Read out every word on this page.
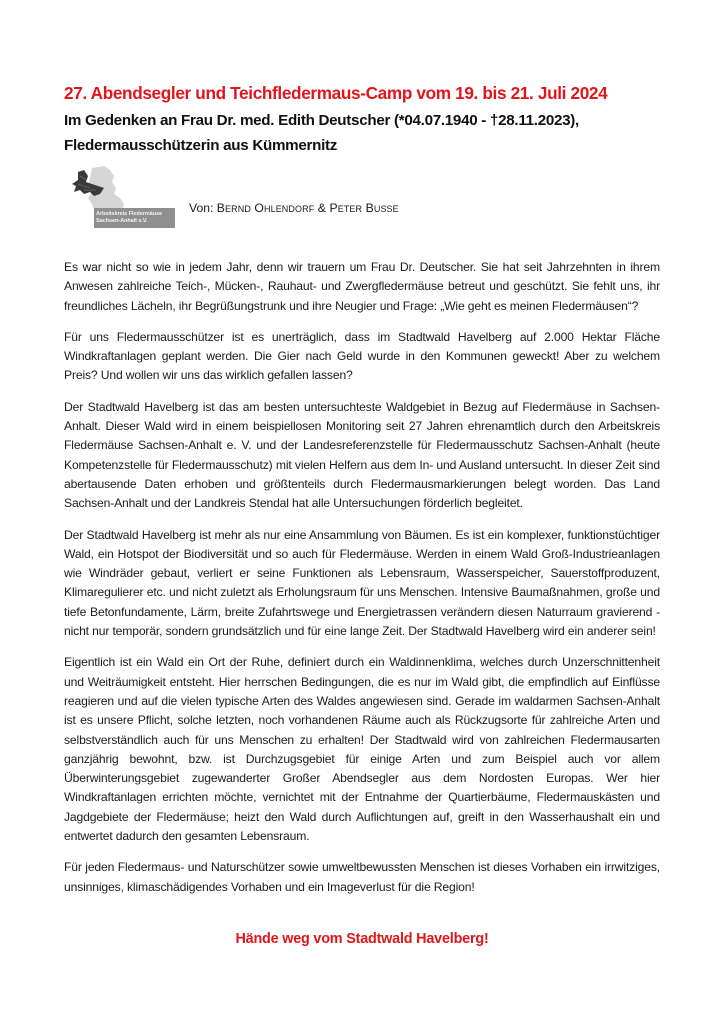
27. Abendsegler und Teichfledermaus-Camp vom 19. bis 21. Juli 2024
Im Gedenken an Frau Dr. med. Edith Deutscher (*04.07.1940 - †28.11.2023),
Fledermausschützerin aus Kümmernitz
Arbeitskreis Fledermäuse
Sachsen-Anhalt e.V.
Von: Bernd Ohlendorf & Peter Busse

Es war nicht so wie in jedem Jahr, denn wir trauern um Frau Dr. Deutscher. Sie hat seit Jahrzehnten in ihrem Anwesen zahlreiche Teich-, Mücken-, Rauhaut- und Zwergfledermäuse betreut und geschützt. Sie fehlt uns, ihr freundliches Lächeln, ihr Begrüßungstrunk und ihre Neugier und Frage: „Wie geht es meinen Fledermäusen“?

Für uns Fledermausschützer ist es unerträglich, dass im Stadtwald Havelberg auf 2.000 Hektar Fläche Windkraftanlagen geplant werden. Die Gier nach Geld wurde in den Kommunen geweckt! Aber zu welchem Preis? Und wollen wir uns das wirklich gefallen lassen?

Der Stadtwald Havelberg ist das am besten untersuchteste Waldgebiet in Bezug auf Fledermäuse in Sachsen-Anhalt. Dieser Wald wird in einem beispiellosen Monitoring seit 27 Jahren ehrenamtlich durch den Arbeitskreis Fledermäuse Sachsen-Anhalt e. V. und der Landesreferenzstelle für Fledermausschutz Sachsen-Anhalt (heute Kompetenzstelle für Fledermausschutz) mit vielen Helfern aus dem In- und Ausland untersucht. In dieser Zeit sind abertausende Daten erhoben und größtenteils durch Fledermausmarkierungen belegt worden. Das Land Sachsen-Anhalt und der Landkreis Stendal hat alle Untersuchungen förderlich begleitet.

Der Stadtwald Havelberg ist mehr als nur eine Ansammlung von Bäumen. Es ist ein komplexer, funktionstüchtiger Wald, ein Hotspot der Biodiversität und so auch für Fledermäuse. Werden in einem Wald Groß-Industrieanlagen wie Windräder gebaut, verliert er seine Funktionen als Lebensraum, Wasserspeicher, Sauerstoffproduzent, Klimaregulierer etc. und nicht zuletzt als Erholungsraum für uns Menschen. Intensive Baumaßnahmen, große und tiefe Betonfundamente, Lärm, breite Zufahrtswege und Energietrassen verändern diesen Naturraum gravierend - nicht nur temporär, sondern grundsätzlich und für eine lange Zeit. Der Stadtwald Havelberg wird ein anderer sein!

Eigentlich ist ein Wald ein Ort der Ruhe, definiert durch ein Waldinnenklima, welches durch Unzerschnittenheit und Weiträumigkeit entsteht. Hier herrschen Bedingungen, die es nur im Wald gibt, die empfindlich auf Einflüsse reagieren und auf die vielen typische Arten des Waldes angewiesen sind. Gerade im waldarmen Sachsen-Anhalt ist es unsere Pflicht, solche letzten, noch vorhandenen Räume auch als Rückzugsorte für zahlreiche Arten und selbstverständlich auch für uns Menschen zu erhalten! Der Stadtwald wird von zahlreichen Fledermausarten ganzjährig bewohnt, bzw. ist Durchzugsgebiet für einige Arten und zum Beispiel auch vor allem Überwinterungsgebiet zugewanderter Großer Abendsegler aus dem Nordosten Europas. Wer hier Windkraftanlagen errichten möchte, vernichtet mit der Entnahme der Quartierbäume, Fledermauskästen und Jagdgebiete der Fledermäuse; heizt den Wald durch Auflichtungen auf, greift in den Wasserhaushalt ein und entwertet dadurch den gesamten Lebensraum.

Für jeden Fledermaus- und Naturschützer sowie umweltbewussten Menschen ist dieses Vorhaben ein irrwitziges, unsinniges, klimaschädigendes Vorhaben und ein Imageverlust für die Region!

Hände weg vom Stadtwald Havelberg!
